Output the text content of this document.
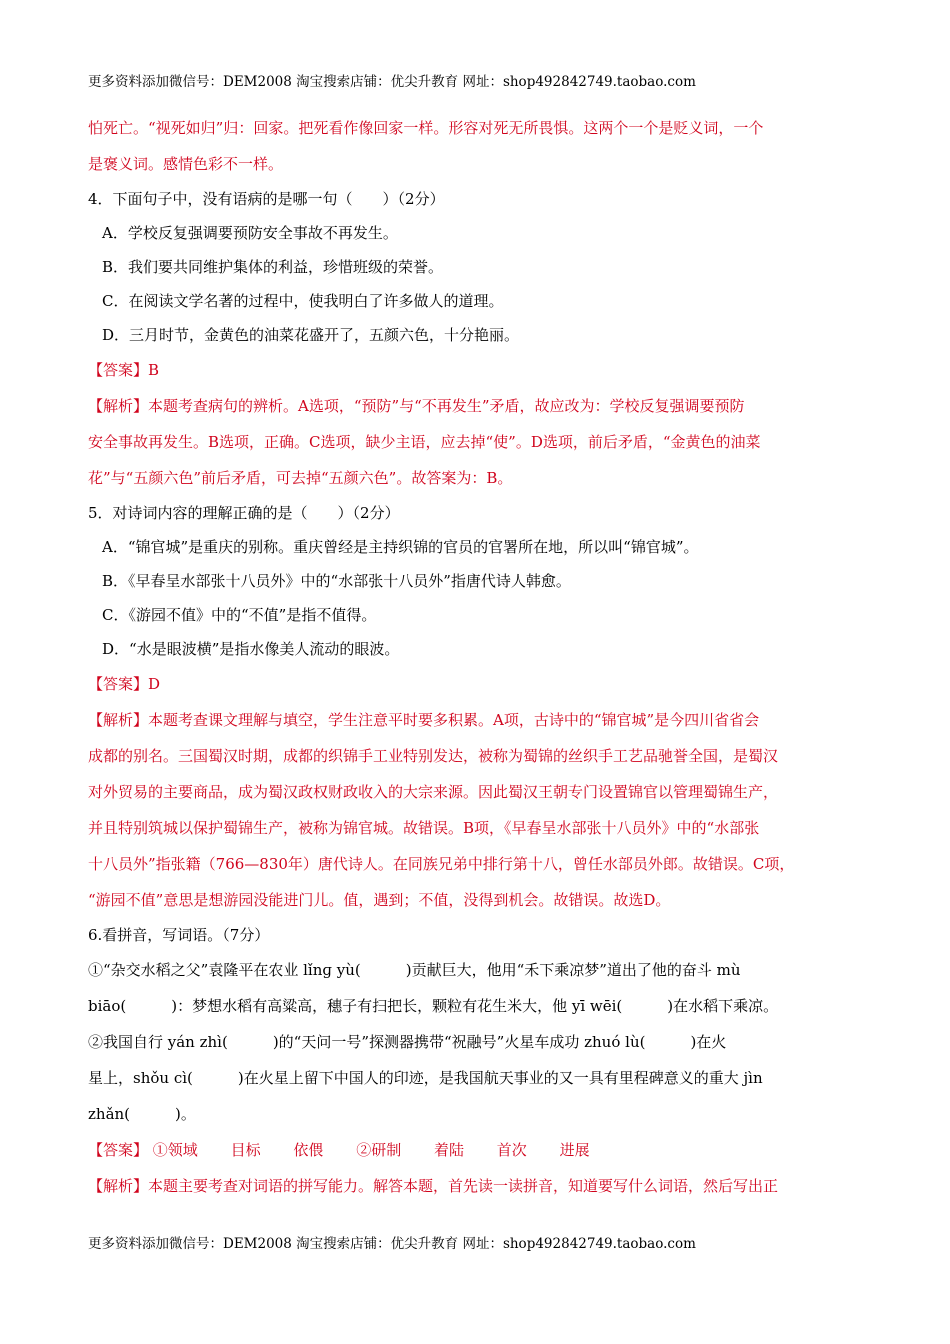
更多资料添加微信号：DEM2008 淘宝搜索店铺：优尖升教育 网址：shop492842749.taobao.com
怕死亡。“视死如归”归：回家。把死看作像回家一样。形容对死无所畏惧。这两个一个是贬义词，一个
是褒义词。感情色彩不一样。
4．下面句子中，没有语病的是哪一句（　　）（2分）
A．学校反复强调要预防安全事故不再发生。
B．我们要共同维护集体的利益，珍惜班级的荣誉。
C．在阅读文学名著的过程中，使我明白了许多做人的道理。
D．三月时节，金黄色的油菜花盛开了，五颜六色，十分艳丽。
【答案】B
【解析】本题考查病句的辨析。A选项，“预防”与“不再发生”矛盾，故应改为：学校反复强调要预防
安全事故再发生。B选项，正确。C选项，缺少主语，应去掉“使”。D选项，前后矛盾，“金黄色的油菜
花”与“五颜六色”前后矛盾，可去掉“五颜六色”。故答案为：B。
5．对诗词内容的理解正确的是（　　）（2分）
A．“锦官城”是重庆的别称。重庆曾经是主持织锦的官员的官署所在地，所以叫“锦官城”。
B．《早春呈水部张十八员外》中的“水部张十八员外”指唐代诗人韩愈。
C．《游园不值》中的“不值”是指不值得。
D．“水是眼波横”是指水像美人流动的眼波。
【答案】D
【解析】本题考查课文理解与填空，学生注意平时要多积累。A项，古诗中的“锦官城”是今四川省省会
成都的别名。三国蜀汉时期，成都的织锦手工业特别发达，被称为蜀锦的丝织手工艺品驰誉全国，是蜀汉
对外贸易的主要商品，成为蜀汉政权财政收入的大宗来源。因此蜀汉王朝专门设置锦官以管理蜀锦生产，
并且特别筑城以保护蜀锦生产，被称为锦官城。故错误。B项，《早春呈水部张十八员外》中的“水部张
十八员外”指张籍（766—830年）唐代诗人。在同族兄弟中排行第十八，曾任水部员外郎。故错误。C项，
“游园不值”意思是想游园没能进门儿。值，遇到；不值，没得到机会。故错误。故选D。
6.看拼音，写词语。（7分）
①“杂交水稻之父”袁隆平在农业 lǐnɡ yù(　　　)贡献巨大，他用“禾下乘凉梦”道出了他的奋斗 mù
biāo(　　　)：梦想水稻有高粱高，穗子有扫把长，颗粒有花生米大，他 yī wēi(　　　)在水稻下乘凉。
②我国自行 yán zhì(　　　)的“天问一号”探测器携带“祝融号”火星车成功 zhuó lù(　　　)在火
星上，shǒu cì(　　　)在火星上留下中国人的印迹，是我国航天事业的又一具有里程碑意义的重大 jìn
zhǎn(　　　)。
【答案】 ①领域 目标 依偎 ②研制 着陆 首次 进展
【解析】本题主要考查对词语的拼写能力。解答本题，首先读一读拼音，知道要写什么词语，然后写出正
更多资料添加微信号：DEM2008 淘宝搜索店铺：优尖升教育 网址：shop492842749.taobao.com
